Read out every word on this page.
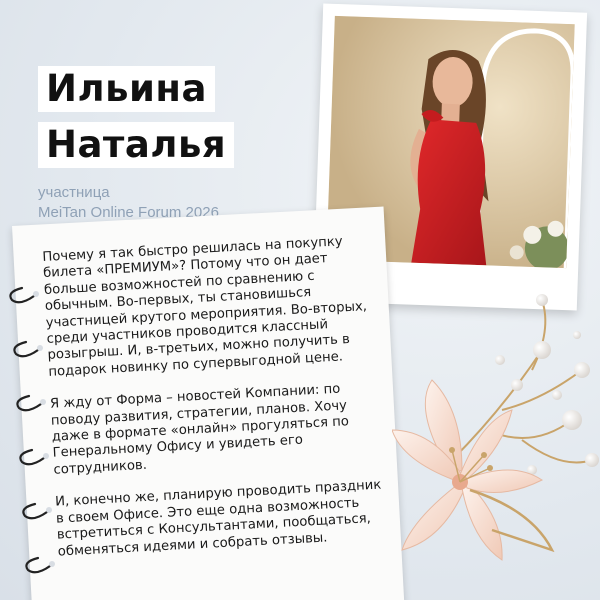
Ильина
Наталья
участница
MeiTan Online Forum 2026

Почему я так быстро решилась на покупку билета «ПРЕМИУМ»? Потому что он дает больше возможностей по сравнению с обычным. Во-первых, ты становишься участницей крутого мероприятия. Во-вторых, среди участников проводится классный розыгрыш. И, в-третьих, можно получить в подарок новинку по супервыгодной цене.

Я жду от Форма – новостей Компании: по поводу развития, стратегии, планов. Хочу даже в формате «онлайн» прогуляться по Генеральному Офису и увидеть его сотрудников.

И, конечно же, планирую проводить праздник в своем Офисе. Это еще одна возможность встретиться с Консультантами, пообщаться, обменяться идеями и собрать отзывы.
